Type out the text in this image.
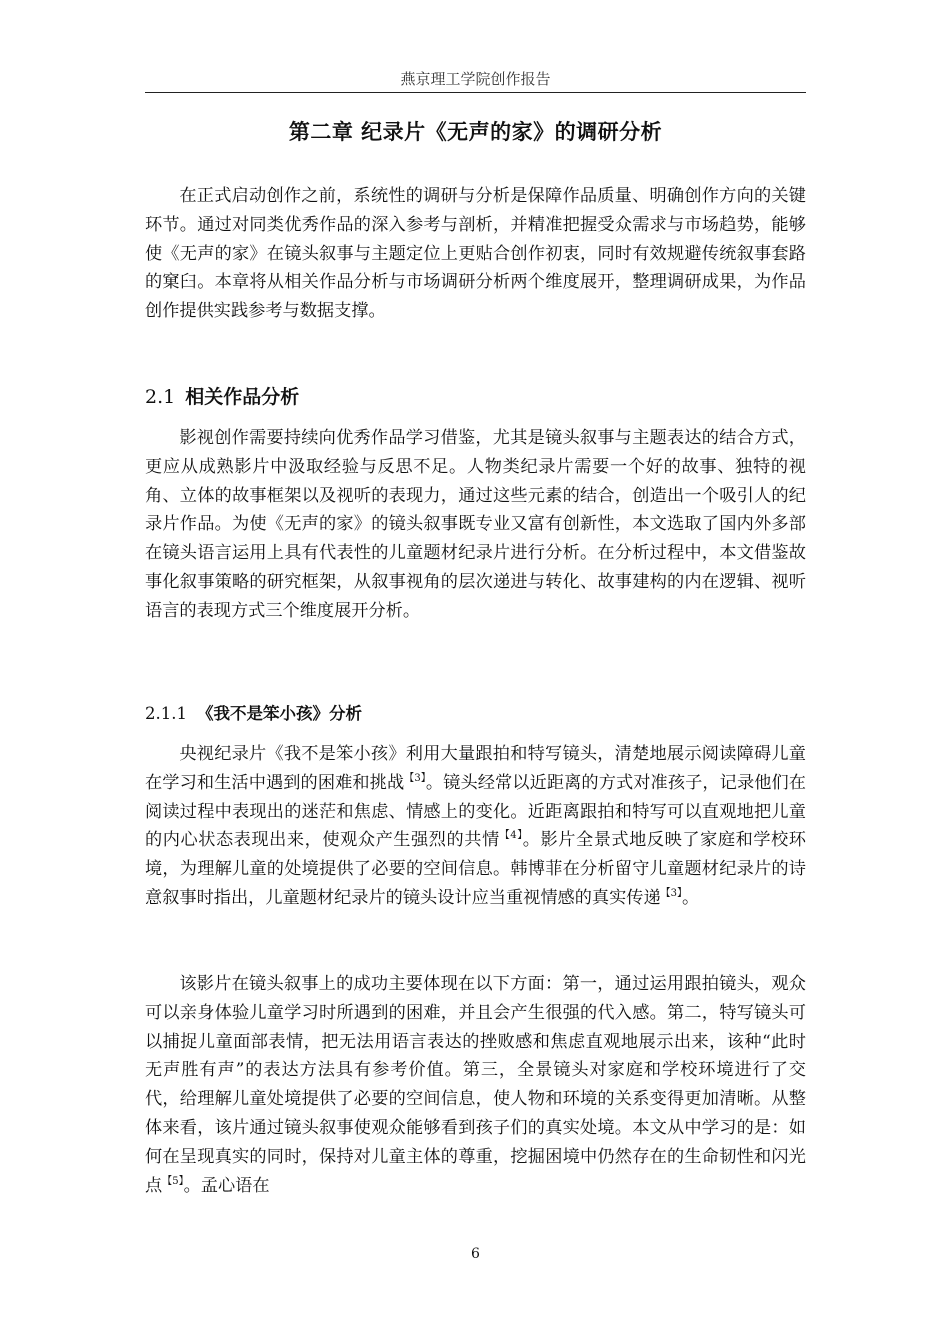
燕京理工学院创作报告
第二章 纪录片《无声的家》的调研分析

在正式启动创作之前，系统性的调研与分析是保障作品质量、明确创作方向的关键环节。通过对同类优秀作品的深入参考与剖析，并精准把握受众需求与市场趋势，能够使《无声的家》在镜头叙事与主题定位上更贴合创作初衷，同时有效规避传统叙事套路的窠臼。本章将从相关作品分析与市场调研分析两个维度展开，整理调研成果，为作品创作提供实践参考与数据支撑。

2.1 相关作品分析

影视创作需要持续向优秀作品学习借鉴，尤其是镜头叙事与主题表达的结合方式，更应从成熟影片中汲取经验与反思不足。人物类纪录片需要一个好的故事、独特的视角、立体的故事框架以及视听的表现力，通过这些元素的结合，创造出一个吸引人的纪录片作品。为使《无声的家》的镜头叙事既专业又富有创新性，本文选取了国内外多部在镜头语言运用上具有代表性的儿童题材纪录片进行分析。在分析过程中，本文借鉴故事化叙事策略的研究框架，从叙事视角的层次递进与转化、故事建构的内在逻辑、视听语言的表现方式三个维度展开分析。

2.1.1 《我不是笨小孩》分析

央视纪录片《我不是笨小孩》利用大量跟拍和特写镜头，清楚地展示阅读障碍儿童在学习和生活中遇到的困难和挑战$^{【3】}$。镜头经常以近距离的方式对准孩子，记录他们在阅读过程中表现出的迷茫和焦虑、情感上的变化。近距离跟拍和特写可以直观地把儿童的内心状态表现出来，使观众产生强烈的共情$^{【4】}$。影片全景式地反映了家庭和学校环境，为理解儿童的处境提供了必要的空间信息。韩博菲在分析留守儿童题材纪录片的诗意叙事时指出，儿童题材纪录片的镜头设计应当重视情感的真实传递$^{【3】}$。

该影片在镜头叙事上的成功主要体现在以下方面：第一，通过运用跟拍镜头，观众可以亲身体验儿童学习时所遇到的困难，并且会产生很强的代入感。第二，特写镜头可以捕捉儿童面部表情，把无法用语言表达的挫败感和焦虑直观地展示出来，该种“此时无声胜有声”的表达方法具有参考价值。第三，全景镜头对家庭和学校环境进行了交代，给理解儿童处境提供了必要的空间信息，使人物和环境的关系变得更加清晰。从整体来看，该片通过镜头叙事使观众能够看到孩子们的真实处境。本文从中学习的是：如何在呈现真实的同时，保持对儿童主体的尊重，挖掘困境中仍然存在的生命韧性和闪光点$^{【5】}$。孟心语在

6
